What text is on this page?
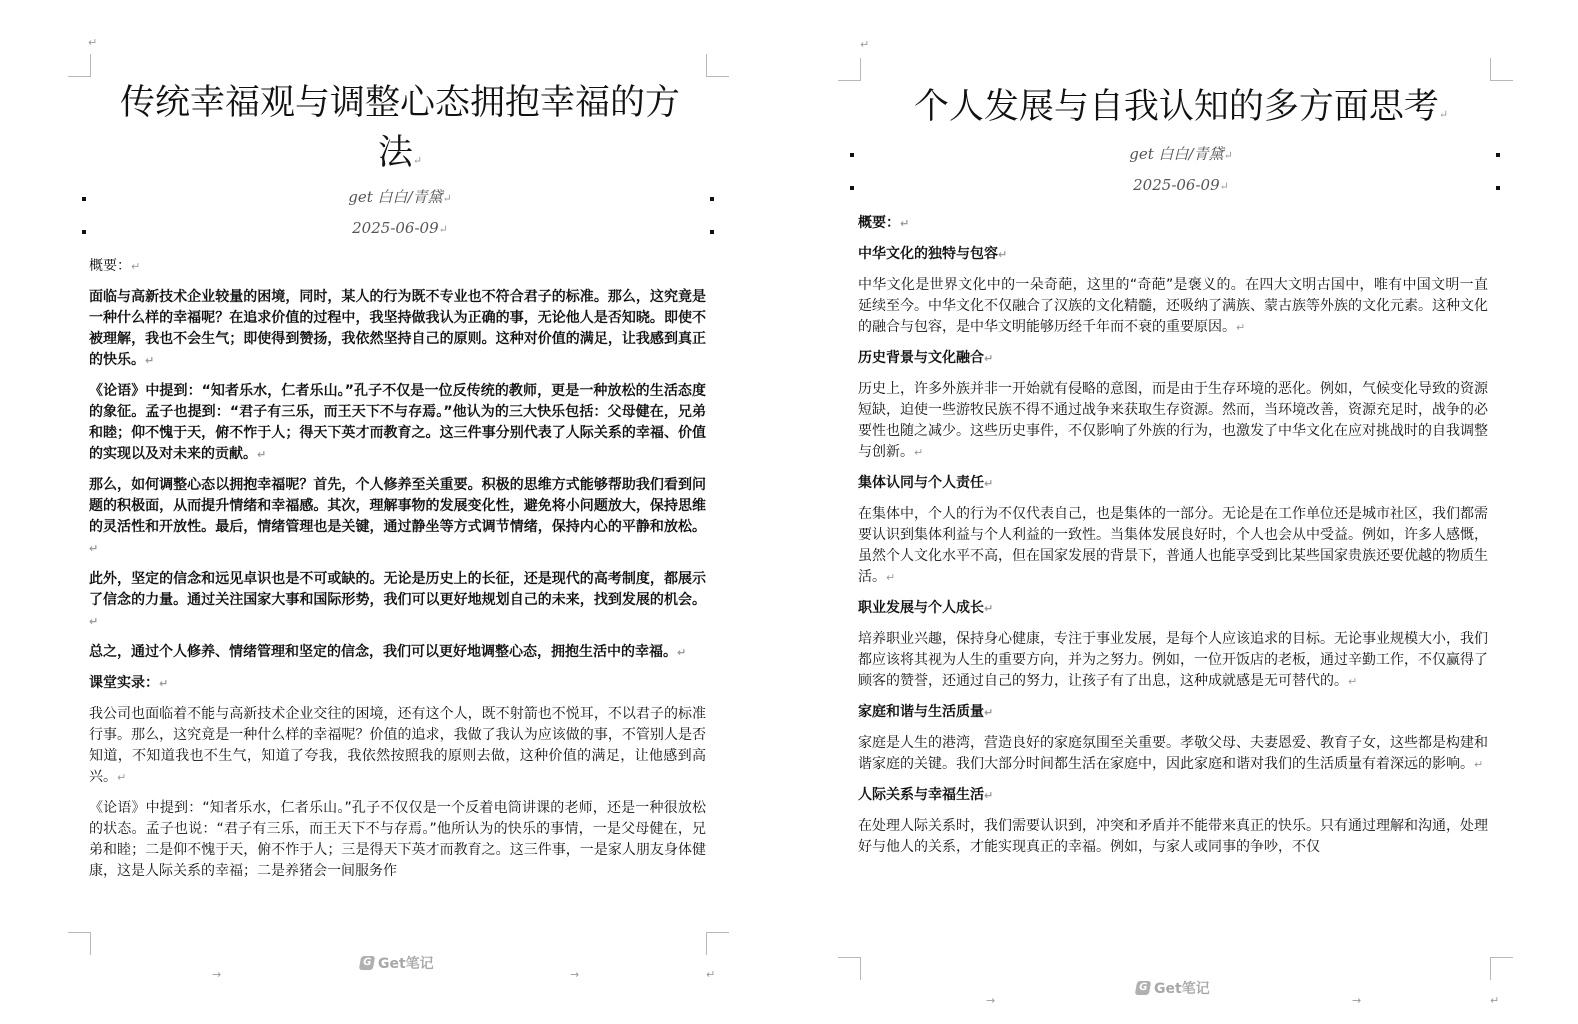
↵
传统幸福观与调整心态拥抱幸福的方
法↵
get 白白/青黛↵
2025-06-09↵

概要：↵

面临与高新技术企业较量的困境，同时，某人的行为既不专业也不符合君子的标准。那么，这究竟是一种什么样的幸福呢？在追求价值的过程中，我坚持做我认为正确的事，无论他人是否知晓。即使不被理解，我也不会生气；即使得到赞扬，我依然坚持自己的原则。这种对价值的满足，让我感到真正的快乐。↵

《论语》中提到：“知者乐水，仁者乐山。”孔子不仅是一位反传统的教师，更是一种放松的生活态度的象征。孟子也提到：“君子有三乐，而王天下不与存焉。”他认为的三大快乐包括：父母健在，兄弟和睦；仰不愧于天，俯不怍于人；得天下英才而教育之。这三件事分别代表了人际关系的幸福、价值的实现以及对未来的贡献。↵

那么，如何调整心态以拥抱幸福呢？首先，个人修养至关重要。积极的思维方式能够帮助我们看到问题的积极面，从而提升情绪和幸福感。其次，理解事物的发展变化性，避免将小问题放大，保持思维的灵活性和开放性。最后，情绪管理也是关键，通过静坐等方式调节情绪，保持内心的平静和放松。↵

此外，坚定的信念和远见卓识也是不可或缺的。无论是历史上的长征，还是现代的高考制度，都展示了信念的力量。通过关注国家大事和国际形势，我们可以更好地规划自己的未来，找到发展的机会。↵

总之，通过个人修养、情绪管理和坚定的信念，我们可以更好地调整心态，拥抱生活中的幸福。↵

课堂实录：↵

我公司也面临着不能与高新技术企业交往的困境，还有这个人，既不射箭也不悦耳，不以君子的标准行事。那么，这究竟是一种什么样的幸福呢？价值的追求，我做了我认为应该做的事，不管别人是否知道，不知道我也不生气，知道了夸我，我依然按照我的原则去做，这种价值的满足，让他感到高兴。↵

《论语》中提到：“知者乐水，仁者乐山。”孔子不仅仅是一个反着电筒讲课的老师，还是一种很放松的状态。孟子也说：“君子有三乐，而王天下不与存焉。”他所认为的快乐的事情，一是父母健在，兄弟和睦；二是仰不愧于天，俯不怍于人；三是得天下英才而教育之。这三件事，一是家人朋友身体健康，这是人际关系的幸福；二是养猪会一间服务作

G Get笔记
→	→	↵
↵
个人发展与自我认知的多方面思考↵
get 白白/青黛↵
2025-06-09↵

概要：↵

中华文化的独特与包容↵

中华文化是世界文化中的一朵奇葩，这里的“奇葩”是褒义的。在四大文明古国中，唯有中国文明一直延续至今。中华文化不仅融合了汉族的文化精髓，还吸纳了满族、蒙古族等外族的文化元素。这种文化的融合与包容，是中华文明能够历经千年而不衰的重要原因。↵

历史背景与文化融合↵

历史上，许多外族并非一开始就有侵略的意图，而是由于生存环境的恶化。例如，气候变化导致的资源短缺，迫使一些游牧民族不得不通过战争来获取生存资源。然而，当环境改善，资源充足时，战争的必要性也随之减少。这些历史事件，不仅影响了外族的行为，也激发了中华文化在应对挑战时的自我调整与创新。↵

集体认同与个人责任↵

在集体中，个人的行为不仅代表自己，也是集体的一部分。无论是在工作单位还是城市社区，我们都需要认识到集体利益与个人利益的一致性。当集体发展良好时，个人也会从中受益。例如，许多人感慨，虽然个人文化水平不高，但在国家发展的背景下，普通人也能享受到比某些国家贵族还要优越的物质生活。↵

职业发展与个人成长↵

培养职业兴趣，保持身心健康，专注于事业发展，是每个人应该追求的目标。无论事业规模大小，我们都应该将其视为人生的重要方向，并为之努力。例如，一位开饭店的老板，通过辛勤工作，不仅赢得了顾客的赞誉，还通过自己的努力，让孩子有了出息，这种成就感是无可替代的。↵

家庭和谐与生活质量↵

家庭是人生的港湾，营造良好的家庭氛围至关重要。孝敬父母、夫妻恩爱、教育子女，这些都是构建和谐家庭的关键。我们大部分时间都生活在家庭中，因此家庭和谐对我们的生活质量有着深远的影响。↵

人际关系与幸福生活↵

在处理人际关系时，我们需要认识到，冲突和矛盾并不能带来真正的快乐。只有通过理解和沟通，处理好与他人的关系，才能实现真正的幸福。例如，与家人或同事的争吵，不仅

G Get笔记
→	→	↵
